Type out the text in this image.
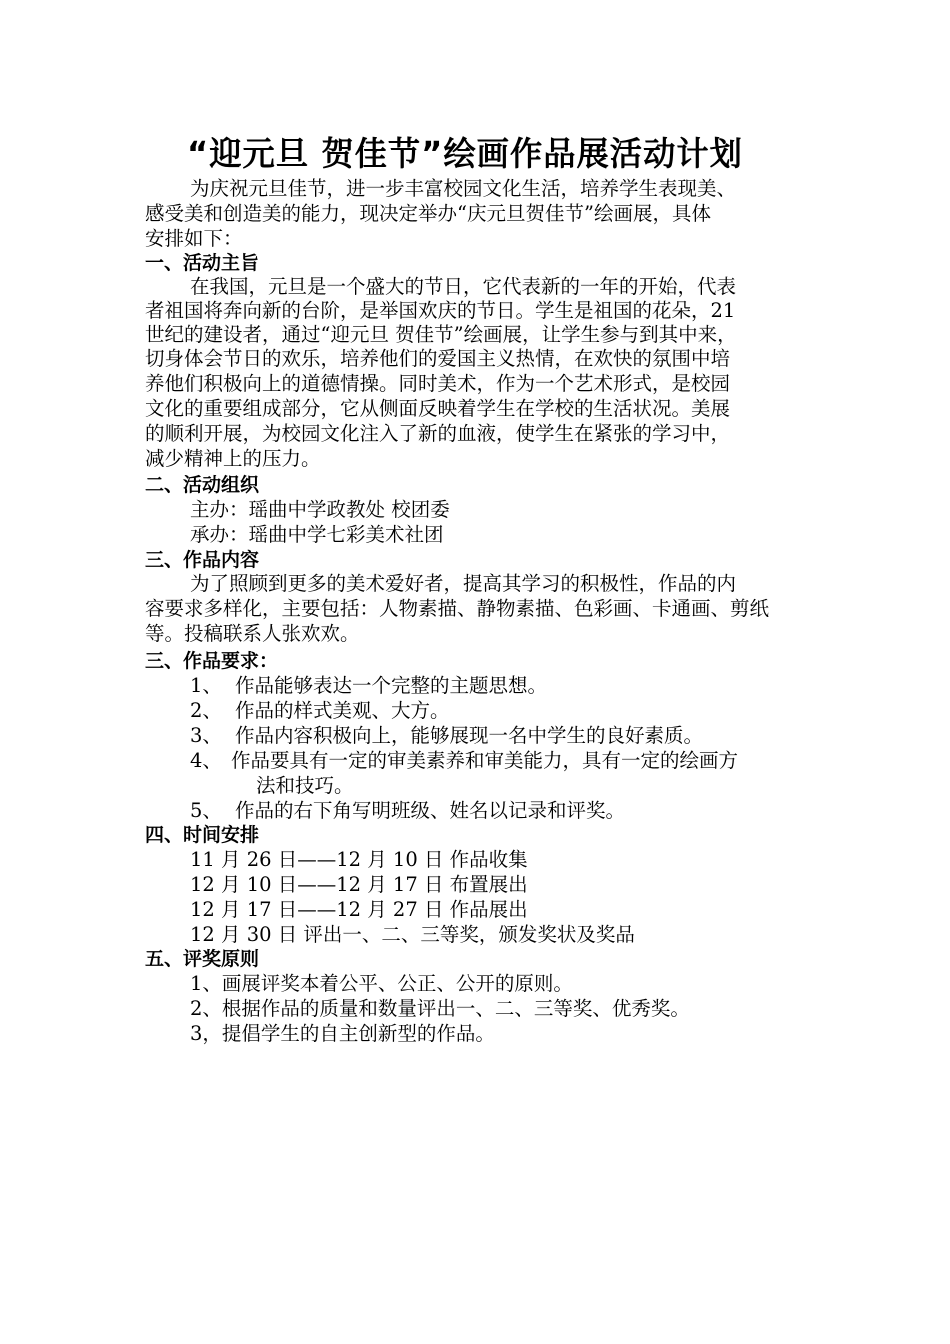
“迎元旦 贺佳节”绘画作品展活动计划
为庆祝元旦佳节，进一步丰富校园文化生活，培养学生表现美、
感受美和创造美的能力，现决定举办“庆元旦贺佳节”绘画展，具体
安排如下：
一、活动主旨
在我国，元旦是一个盛大的节日，它代表新的一年的开始，代表
者祖国将奔向新的台阶，是举国欢庆的节日。学生是祖国的花朵，21
世纪的建设者，通过“迎元旦 贺佳节”绘画展，让学生参与到其中来，
切身体会节日的欢乐，培养他们的爱国主义热情，在欢快的氛围中培
养他们积极向上的道德情操。同时美术，作为一个艺术形式，是校园
文化的重要组成部分，它从侧面反映着学生在学校的生活状况。美展
的顺利开展，为校园文化注入了新的血液，使学生在紧张的学习中，
减少精神上的压力。
二、活动组织
主办：瑶曲中学政教处 校团委
承办：瑶曲中学七彩美术社团
三、作品内容
为了照顾到更多的美术爱好者，提高其学习的积极性，作品的内
容要求多样化，主要包括：人物素描、静物素描、色彩画、卡通画、剪纸
等。投稿联系人张欢欢。
三、作品要求：
1、 作品能够表达一个完整的主题思想。
2、 作品的样式美观、大方。
3、 作品内容积极向上，能够展现一名中学生的良好素质。
4、 作品要具有一定的审美素养和审美能力，具有一定的绘画方
法和技巧。
5、 作品的右下角写明班级、姓名以记录和评奖。
四、时间安排
11 月 26 日——12 月 10 日 作品收集
12 月 10 日——12 月 17 日 布置展出
12 月 17 日——12 月 27 日 作品展出
12 月 30 日 评出一、二、三等奖，颁发奖状及奖品
五、评奖原则
1、画展评奖本着公平、公正、公开的原则。
2、根据作品的质量和数量评出一、二、三等奖、优秀奖。
3，提倡学生的自主创新型的作品。
